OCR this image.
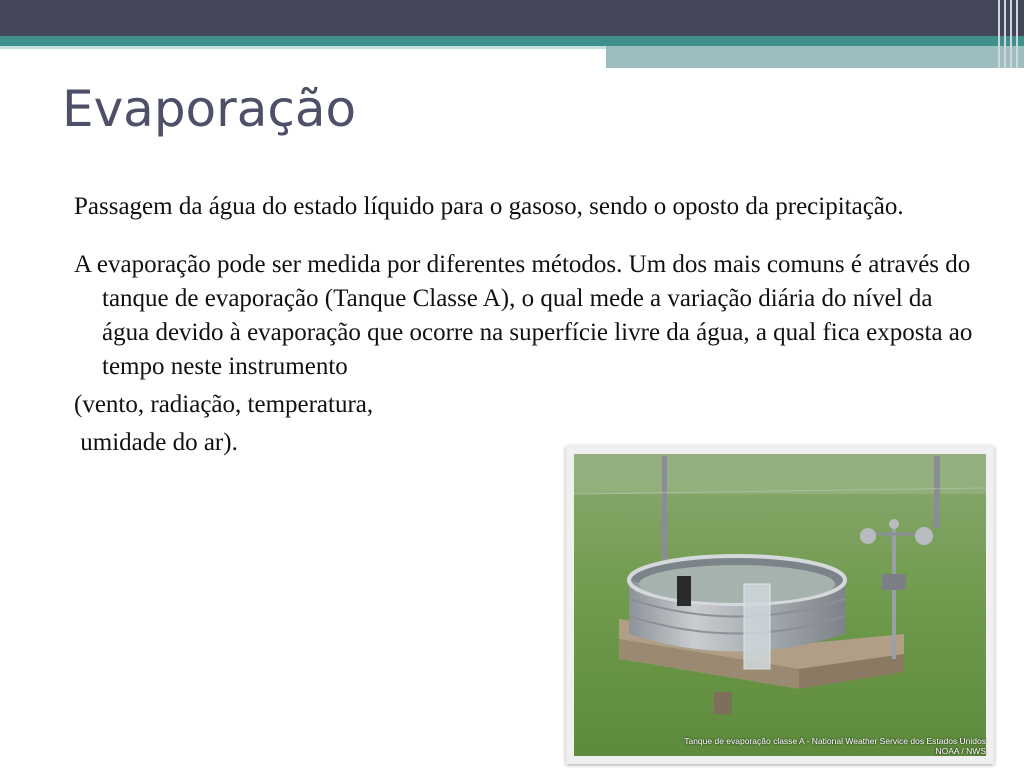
Evaporação

Passagem da água do estado líquido para o gasoso, sendo o oposto da precipitação.

A evaporação pode ser medida por diferentes métodos. Um dos mais comuns é através do tanque de evaporação (Tanque Classe A), o qual mede a variação diária do nível da água devido à evaporação que ocorre na superfície livre da água, a qual fica exposta ao tempo neste instrumento

(vento, radiação, temperatura,

umidade do ar).

Tanque de evaporação classe A - National Weather Service dos Estados Unidos
NOAA / NWS
